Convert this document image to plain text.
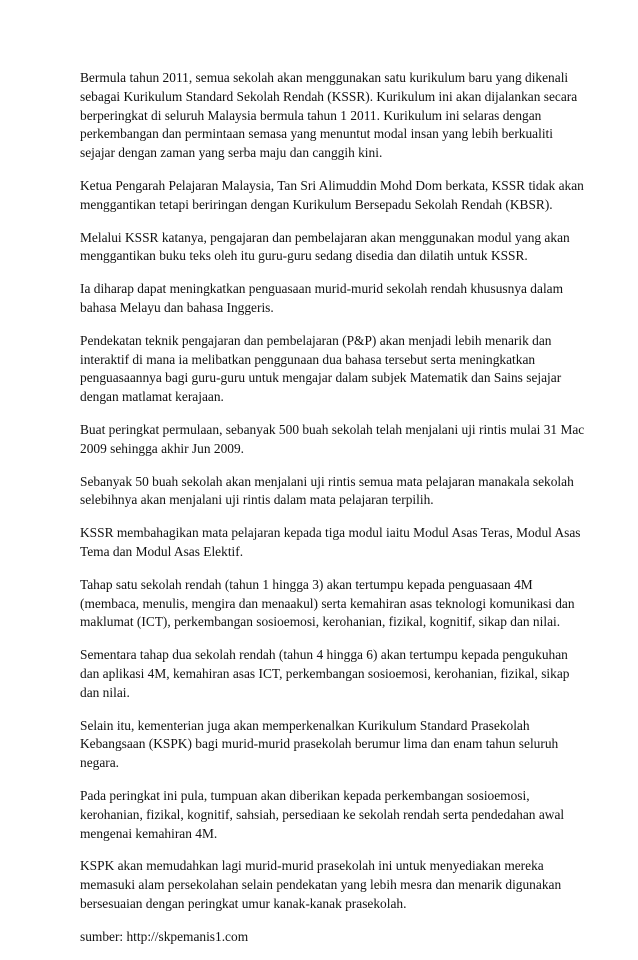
Bermula tahun 2011, semua sekolah akan menggunakan satu kurikulum baru yang dikenali
sebagai Kurikulum Standard Sekolah Rendah (KSSR). Kurikulum ini akan dijalankan secara
berperingkat di seluruh Malaysia bermula tahun 1 2011. Kurikulum ini selaras dengan
perkembangan dan permintaan semasa yang menuntut modal insan yang lebih berkualiti
sejajar dengan zaman yang serba maju dan canggih kini.

Ketua Pengarah Pelajaran Malaysia, Tan Sri Alimuddin Mohd Dom berkata, KSSR tidak akan
menggantikan tetapi beriringan dengan Kurikulum Bersepadu Sekolah Rendah (KBSR).

Melalui KSSR katanya, pengajaran dan pembelajaran akan menggunakan modul yang akan
menggantikan buku teks oleh itu guru-guru sedang disedia dan dilatih untuk KSSR.

Ia diharap dapat meningkatkan penguasaan murid-murid sekolah rendah khususnya dalam
bahasa Melayu dan bahasa Inggeris.

Pendekatan teknik pengajaran dan pembelajaran (P&P) akan menjadi lebih menarik dan
interaktif di mana ia melibatkan penggunaan dua bahasa tersebut serta meningkatkan
penguasaannya bagi guru-guru untuk mengajar dalam subjek Matematik dan Sains sejajar
dengan matlamat kerajaan.

Buat peringkat permulaan, sebanyak 500 buah sekolah telah menjalani uji rintis mulai 31 Mac
2009 sehingga akhir Jun 2009.

Sebanyak 50 buah sekolah akan menjalani uji rintis semua mata pelajaran manakala sekolah
selebihnya akan menjalani uji rintis dalam mata pelajaran terpilih.

KSSR membahagikan mata pelajaran kepada tiga modul iaitu Modul Asas Teras, Modul Asas
Tema dan Modul Asas Elektif.

Tahap satu sekolah rendah (tahun 1 hingga 3) akan tertumpu kepada penguasaan 4M
(membaca, menulis, mengira dan menaakul) serta kemahiran asas teknologi komunikasi dan
maklumat (ICT), perkembangan sosioemosi, kerohanian, fizikal, kognitif, sikap dan nilai.

Sementara tahap dua sekolah rendah (tahun 4 hingga 6) akan tertumpu kepada pengukuhan
dan aplikasi 4M, kemahiran asas ICT, perkembangan sosioemosi, kerohanian, fizikal, sikap
dan nilai.

Selain itu, kementerian juga akan memperkenalkan Kurikulum Standard Prasekolah
Kebangsaan (KSPK) bagi murid-murid prasekolah berumur lima dan enam tahun seluruh
negara.

Pada peringkat ini pula, tumpuan akan diberikan kepada perkembangan sosioemosi,
kerohanian, fizikal, kognitif, sahsiah, persediaan ke sekolah rendah serta pendedahan awal
mengenai kemahiran 4M.

KSPK akan memudahkan lagi murid-murid prasekolah ini untuk menyediakan mereka
memasuki alam persekolahan selain pendekatan yang lebih mesra dan menarik digunakan
bersesuaian dengan peringkat umur kanak-kanak prasekolah.

sumber: http://skpemanis1.com
